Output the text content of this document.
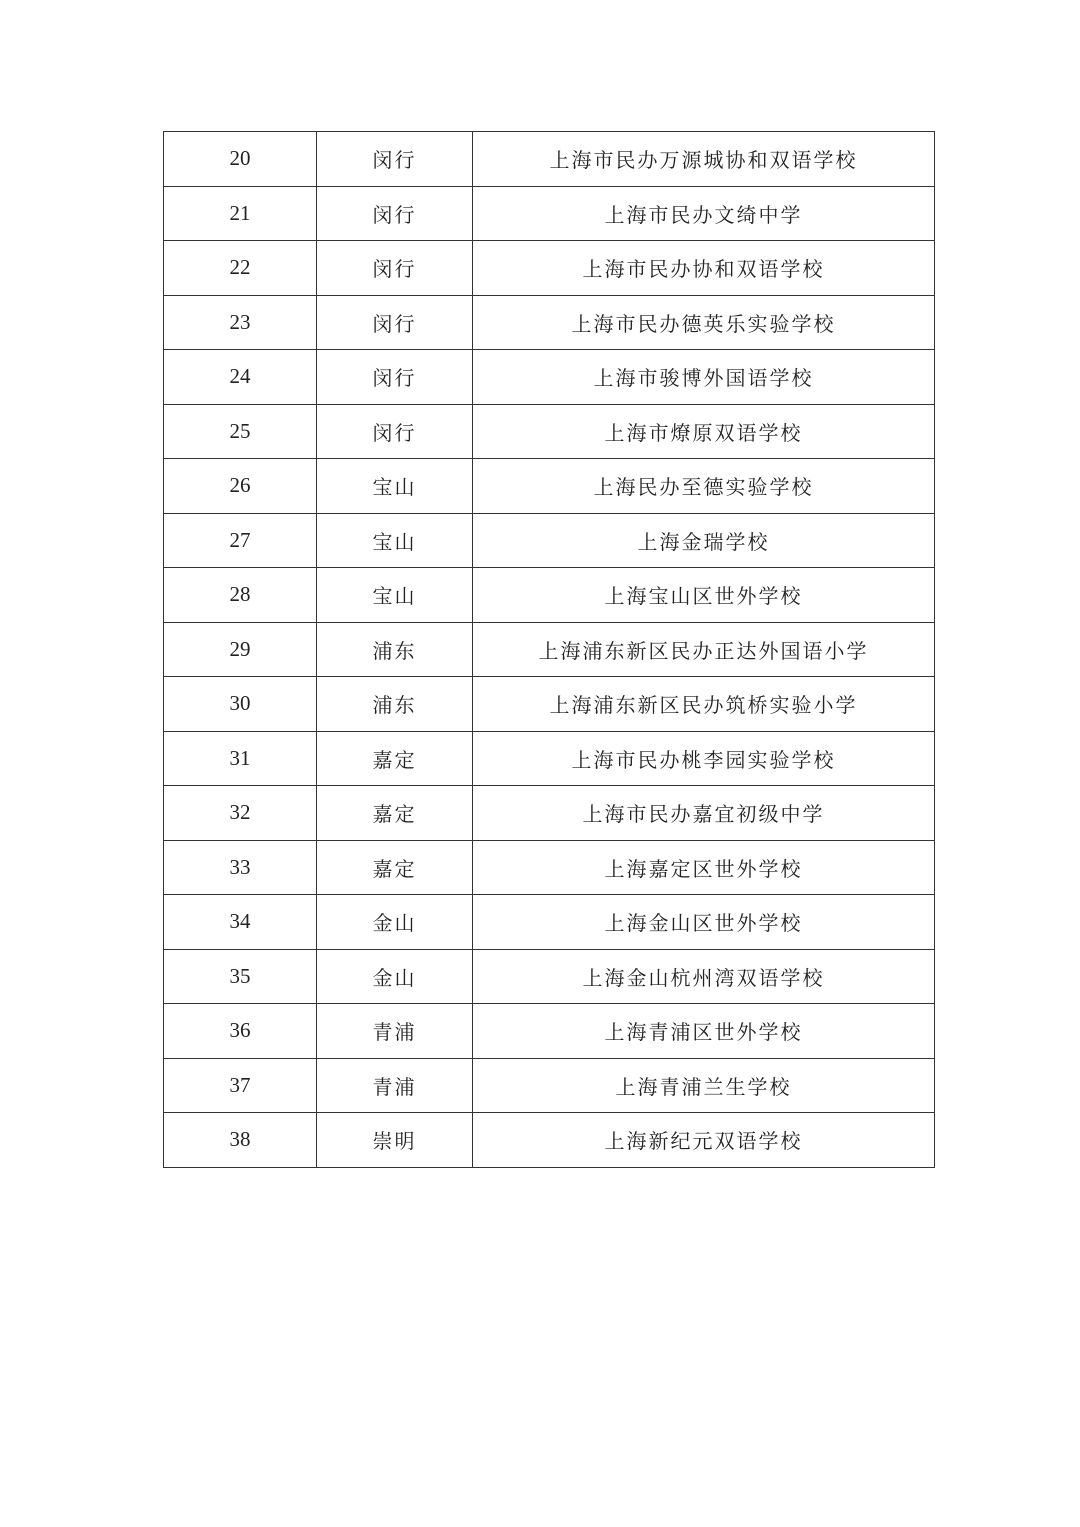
20	闵行	上海市民办万源城协和双语学校
21	闵行	上海市民办文绮中学
22	闵行	上海市民办协和双语学校
23	闵行	上海市民办德英乐实验学校
24	闵行	上海市骏博外国语学校
25	闵行	上海市燎原双语学校
26	宝山	上海民办至德实验学校
27	宝山	上海金瑞学校
28	宝山	上海宝山区世外学校
29	浦东	上海浦东新区民办正达外国语小学
30	浦东	上海浦东新区民办筑桥实验小学
31	嘉定	上海市民办桃李园实验学校
32	嘉定	上海市民办嘉宜初级中学
33	嘉定	上海嘉定区世外学校
34	金山	上海金山区世外学校
35	金山	上海金山杭州湾双语学校
36	青浦	上海青浦区世外学校
37	青浦	上海青浦兰生学校
38	崇明	上海新纪元双语学校
